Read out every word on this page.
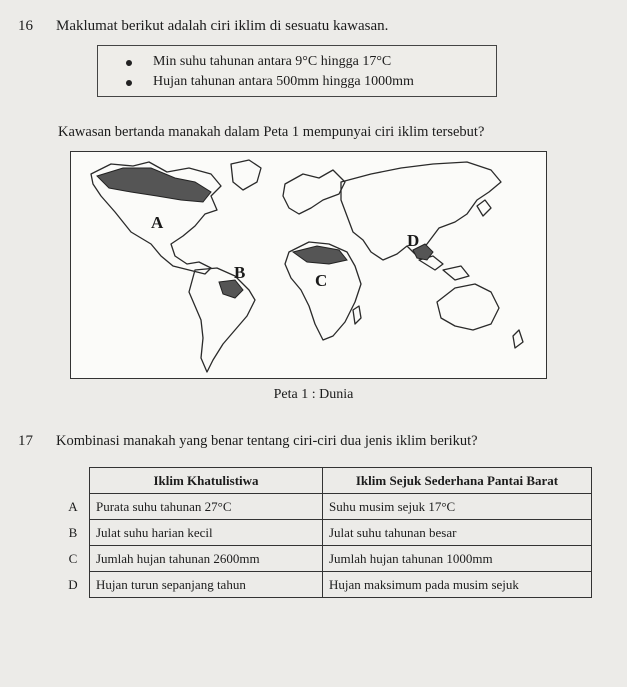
16 Maklumat berikut adalah ciri iklim di sesuatu kawasan.
Min suhu tahunan antara 9°C hingga 17°C
Hujan tahunan antara 500mm hingga 1000mm
Kawasan bertanda manakah dalam Peta 1 mempunyai ciri iklim tersebut?
A
B	C
D
Peta 1 : Dunia
17 Kombinasi manakah yang benar tentang ciri-ciri dua jenis iklim berikut?
	Iklim Khatulistiwa	Iklim Sejuk Sederhana Pantai Barat
A	Purata suhu tahunan 27°C	Suhu musim sejuk 17°C
B	Julat suhu harian kecil	Julat suhu tahunan besar
C	Jumlah hujan tahunan 2600mm	Jumlah hujan tahunan 1000mm
D	Hujan turun sepanjang tahun	Hujan maksimum pada musim sejuk
